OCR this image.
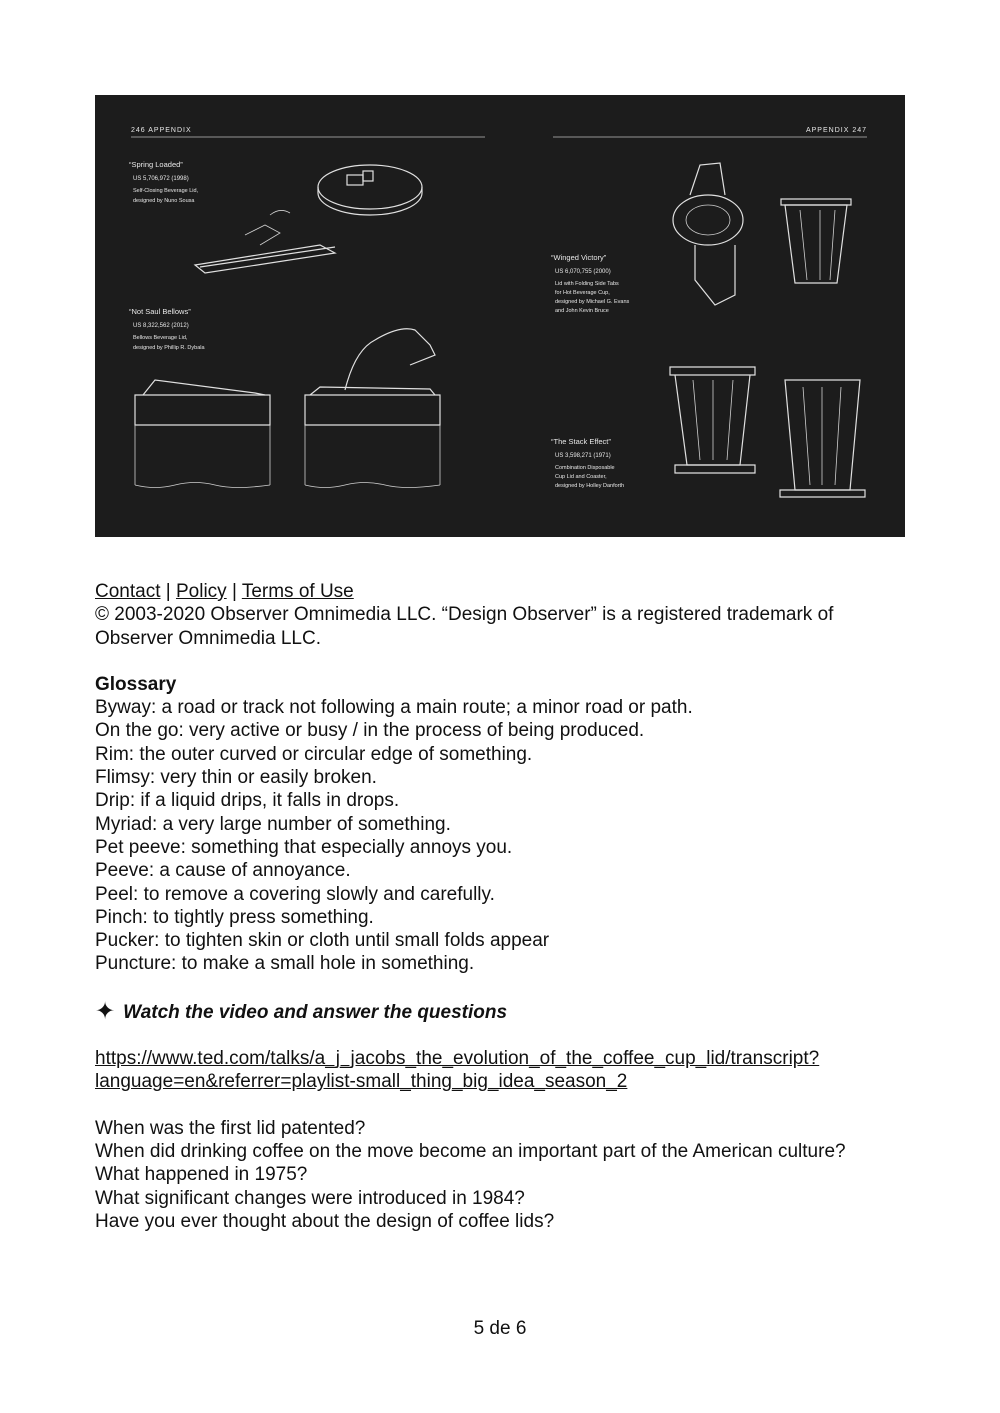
246 APPENDIX	APPENDIX 247
“Spring Loaded”
US 5,706,972 (1998)
Self-Closing Beverage Lid,
designed by Nuno Sousa
“Not Saul Bellows”
US 8,322,562 (2012)
Bellows Beverage Lid,
designed by Phillip R. Dybala
“Winged Victory”
US 6,070,755 (2000)
Lid with Folding Side Tabs
for Hot Beverage Cup,
designed by Michael G. Evans
and John Kevin Bruce
“The Stack Effect”
US 3,598,271 (1971)
Combination Disposable
Cup Lid and Coaster,
designed by Holley Danforth

Contact | Policy | Terms of Use

© 2003-2020 Observer Omnimedia LLC. “Design Observer” is a registered trademark of

Observer Omnimedia LLC.

Glossary

Byway: a road or track not following a main route; a minor road or path.

On the go: very active or busy / in the process of being produced.

Rim: the outer curved or circular edge of something.

Flimsy: very thin or easily broken.

Drip: if a liquid drips, it falls in drops.

Myriad: a very large number of something.

Pet peeve: something that especially annoys you.

Peeve: a cause of annoyance.

Peel: to remove a covering slowly and carefully.

Pinch: to tightly press something.

Pucker: to tighten skin or cloth until small folds appear

Puncture: to make a small hole in something.

✦ Watch the video and answer the questions

https://www.ted.com/talks/a_j_jacobs_the_evolution_of_the_coffee_cup_lid/transcript?
language=en&referrer=playlist-small_thing_big_idea_season_2

When was the first lid patented?

When did drinking coffee on the move become an important part of the American culture?

What happened in 1975?

What significant changes were introduced in 1984?

Have you ever thought about the design of coffee lids?

5 de 6
